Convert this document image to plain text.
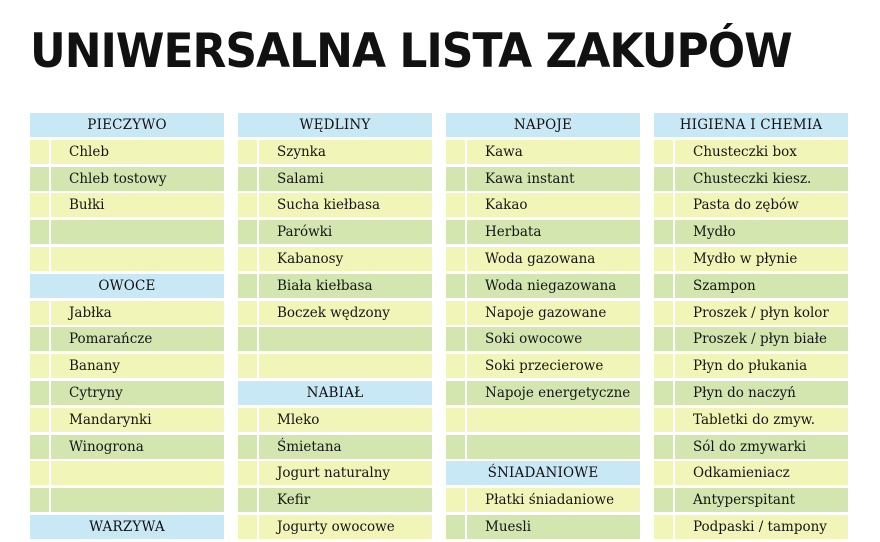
UNIWERSALNA LISTA ZAKUPÓW
PIECZYWO
Chleb
Chleb tostowy
Bułki
OWOCE
Jabłka
Pomarańcze
Banany
Cytryny
Mandarynki
Winogrona
WARZYWA
WĘDLINY
Szynka
Salami
Sucha kiełbasa
Parówki
Kabanosy
Biała kiełbasa
Boczek wędzony
NABIAŁ
Mleko
Śmietana
Jogurt naturalny
Kefir
Jogurty owocowe
NAPOJE
Kawa
Kawa instant
Kakao
Herbata
Woda gazowana
Woda niegazowana
Napoje gazowane
Soki owocowe
Soki przecierowe
Napoje energetyczne
ŚNIADANIOWE
Płatki śniadaniowe
Muesli
HIGIENA I CHEMIA
Chusteczki box
Chusteczki kiesz.
Pasta do zębów
Mydło
Mydło w płynie
Szampon
Proszek / płyn kolor
Proszek / płyn białe
Płyn do płukania
Płyn do naczyń
Tabletki do zmyw.
Sól do zmywarki
Odkamieniacz
Antyperspitant
Podpaski / tampony
